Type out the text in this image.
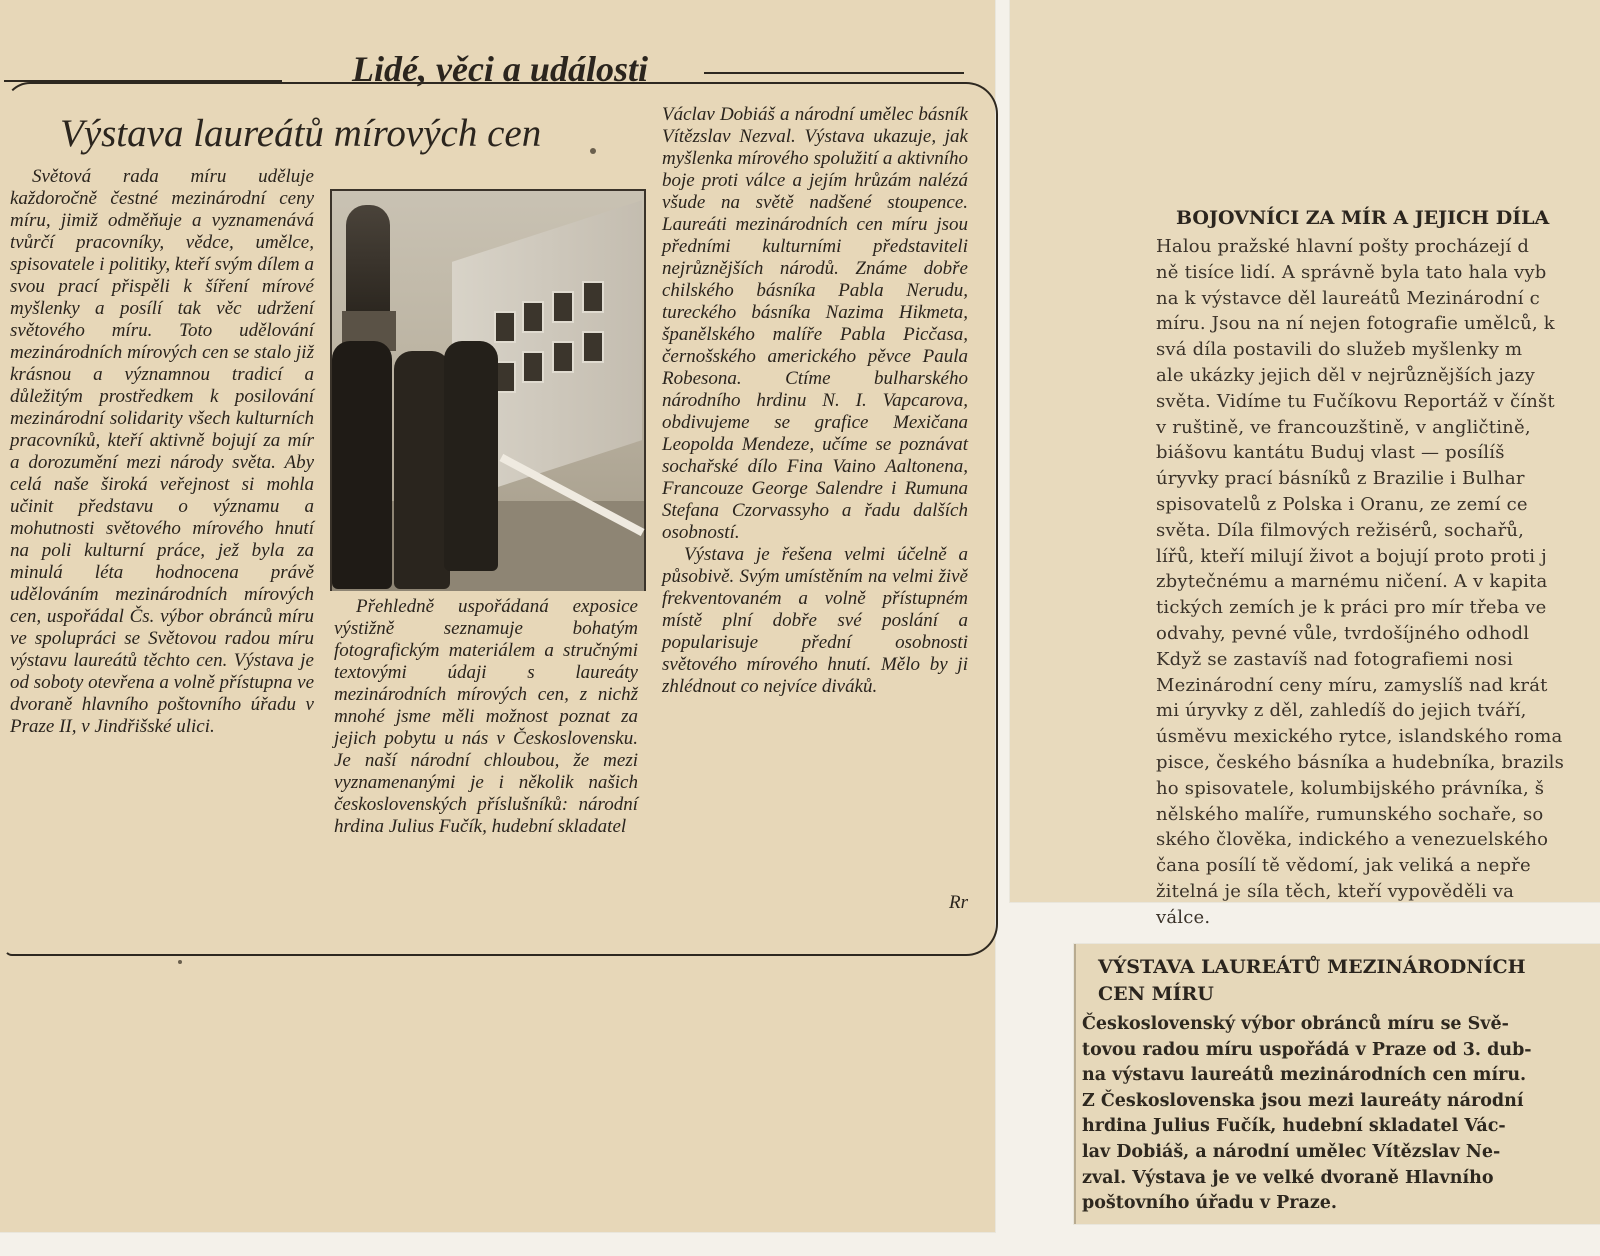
Lidé, věci a události
Výstava laureátů mírových cen

Světová rada míru uděluje každoročně čestné mezinárodní ceny míru, jimiž odměňuje a vyznamenává tvůrčí pracovníky, vědce, umělce, spisovatele i politiky, kteří svým dílem a svou prací přispěli k šíření mírové myšlenky a posílí tak věc udržení světového míru. Toto udělování mezinárodních mírových cen se stalo již krásnou a významnou tradicí a důležitým prostředkem k posilování mezinárodní solidarity všech kulturních pracovníků, kteří aktivně bojují za mír a dorozumění mezi národy světa. Aby celá naše široká veřejnost si mohla učinit představu o významu a mohutnosti světového mírového hnutí na poli kulturní práce, jež byla za minulá léta hodnocena právě udělováním mezinárodních mírových cen, uspořádal Čs. výbor obránců míru ve spolupráci se Světovou radou míru výstavu laureátů těchto cen. Výstava je od soboty otevřena a volně přístupna ve dvoraně hlavního poštovního úřadu v Praze II, v Jindřišské ulici.

Přehledně uspořádaná exposice výstižně seznamuje bohatým fotografickým materiálem a stručnými textovými údaji s laureáty mezinárodních mírových cen, z nichž mnohé jsme měli možnost poznat za jejich pobytu u nás v Československu. Je naší národní chloubou, že mezi vyznamenanými je i několik našich československých příslušníků: národní hrdina Julius Fučík, hudební skladatel

Václav Dobiáš a národní umělec básník Vítězslav Nezval. Výstava ukazuje, jak myšlenka mírového spolužití a aktivního boje proti válce a jejím hrůzám nalézá všude na světě nadšené stoupence. Laureáti mezinárodních cen míru jsou předními kulturními představiteli nejrůznějších národů. Známe dobře chilského básníka Pabla Nerudu, tureckého básníka Nazima Hikmeta, španělského malíře Pabla Picčasa, černošského amerického pěvce Paula Robesona. Ctíme bulharského národního hrdinu N. I. Vapcarova, obdivujeme se grafice Mexičana Leopolda Mendeze, učíme se poznávat sochařské dílo Fina Vaino Aaltonena, Francouze George Salendre i Rumuna Stefana Czorvassyho a řadu dalších osobností.
Výstava je řešena velmi účelně a působivě. Svým umístěním na velmi živě frekventovaném a volně přístupném místě plní dobře své poslání a popularisuje přední osobnosti světového mírového hnutí. Mělo by ji zhlédnout co nejvíce diváků.
Rr
BOJOVNÍCI ZA MÍR A JEJICH DÍLA
Halou pražské hlavní pošty procházejí d
ně tisíce lidí. A správně byla tato hala vyb
na k výstavce děl laureátů Mezinárodní c
míru. Jsou na ní nejen fotografie umělců, k
svá díla postavili do služeb myšlenky m
ale ukázky jejich děl v nejrůznějších jazy
světa. Vidíme tu Fučíkovu Reportáž v čínšt
v ruštině, ve francouzštině, v angličtině,
biášovu kantátu Buduj vlast — posílíš
úryvky prací básníků z Brazilie i Bulhar
spisovatelů z Polska i Oranu, ze zemí ce
světa. Díla filmových režisérů, sochařů,
lířů, kteří milují život a bojují proto proti j
zbytečnému a marnému ničení. A v kapita
tických zemích je k práci pro mír třeba ve
odvahy, pevné vůle, tvrdošíjného odhodl
Když se zastavíš nad fotografiemi nosi
Mezinárodní ceny míru, zamyslíš nad krát
mi úryvky z děl, zahledíš do jejich tváří,
úsměvu mexického rytce, islandského roma
pisce, českého básníka a hudebníka, brazils
ho spisovatele, kolumbijského právníka, š
nělského malíře, rumunského sochaře, so
ského člověka, indického a venezuelského
čana posílí tě vědomí, jak veliká a nepře
žitelná je síla těch, kteří vypověděli va
válce.
VÝSTAVA LAUREÁTŮ MEZINÁRODNÍCH CEN MÍRU
Československý výbor obránců míru se Svě-
tovou radou míru uspořádá v Praze od 3. dub-
na výstavu laureátů mezinárodních cen míru.
Z Československa jsou mezi laureáty národní
hrdina Julius Fučík, hudební skladatel Vác-
lav Dobiáš, a národní umělec Vítězslav Ne-
zval. Výstava je ve velké dvoraně Hlavního
poštovního úřadu v Praze.
